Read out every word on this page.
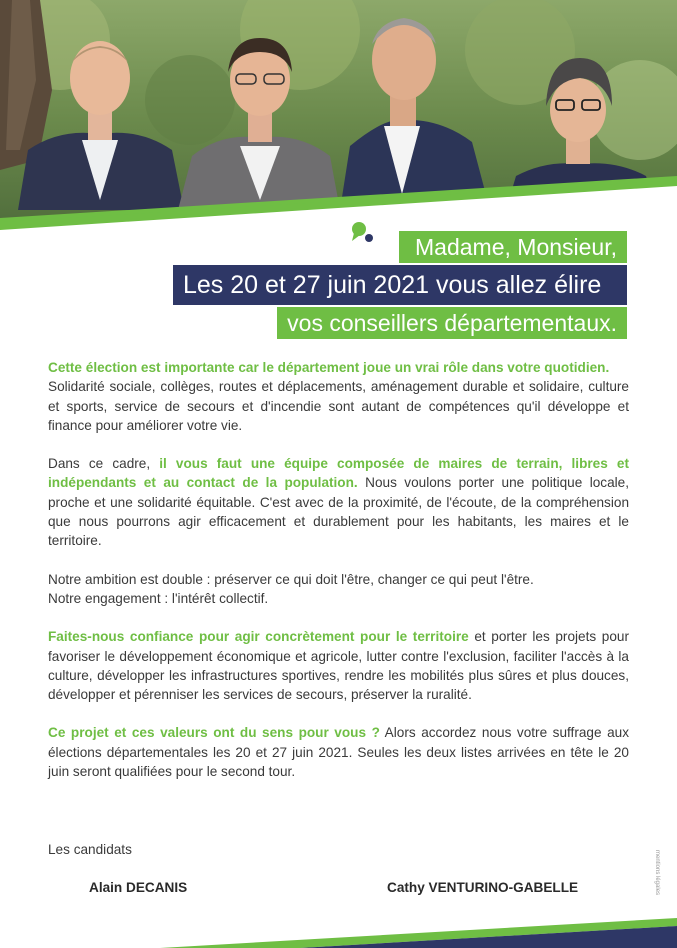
Madame, Monsieur,
Les 20 et 27 juin 2021 vous allez élire
vos conseillers départementaux.

Cette élection est importante car le département joue un vrai rôle dans votre quotidien.
Solidarité sociale, collèges, routes et déplacements, aménagement durable et solidaire, culture et sports, service de secours et d'incendie sont autant de compétences qu'il développe et finance pour améliorer votre vie.

Dans ce cadre, il vous faut une équipe composée de maires de terrain, libres et indépendants et au contact de la population. Nous voulons porter une politique locale, proche et une solidarité équitable. C'est avec de la proximité, de l'écoute, de la compréhension que nous pourrons agir efficacement et durablement pour les habitants, les maires et le territoire.

Notre ambition est double : préserver ce qui doit l'être, changer ce qui peut l'être.
Notre engagement : l'intérêt collectif.

Faites-nous confiance pour agir concrètement pour le territoire et porter les projets pour favoriser le développement économique et agricole, lutter contre l'exclusion, faciliter l'accès à la culture, développer les infrastructures sportives, rendre les mobilités plus sûres et plus douces, développer et pérenniser les services de secours, préserver la ruralité.

Ce projet et ces valeurs ont du sens pour vous ? Alors accordez nous votre suffrage aux élections départementales les 20 et 27 juin 2021. Seules les deux listes arrivées en tête le 20 juin seront qualifiées pour le second tour.

Les candidats
Alain DECANIS	Cathy VENTURINO-GABELLE	mentions légales
